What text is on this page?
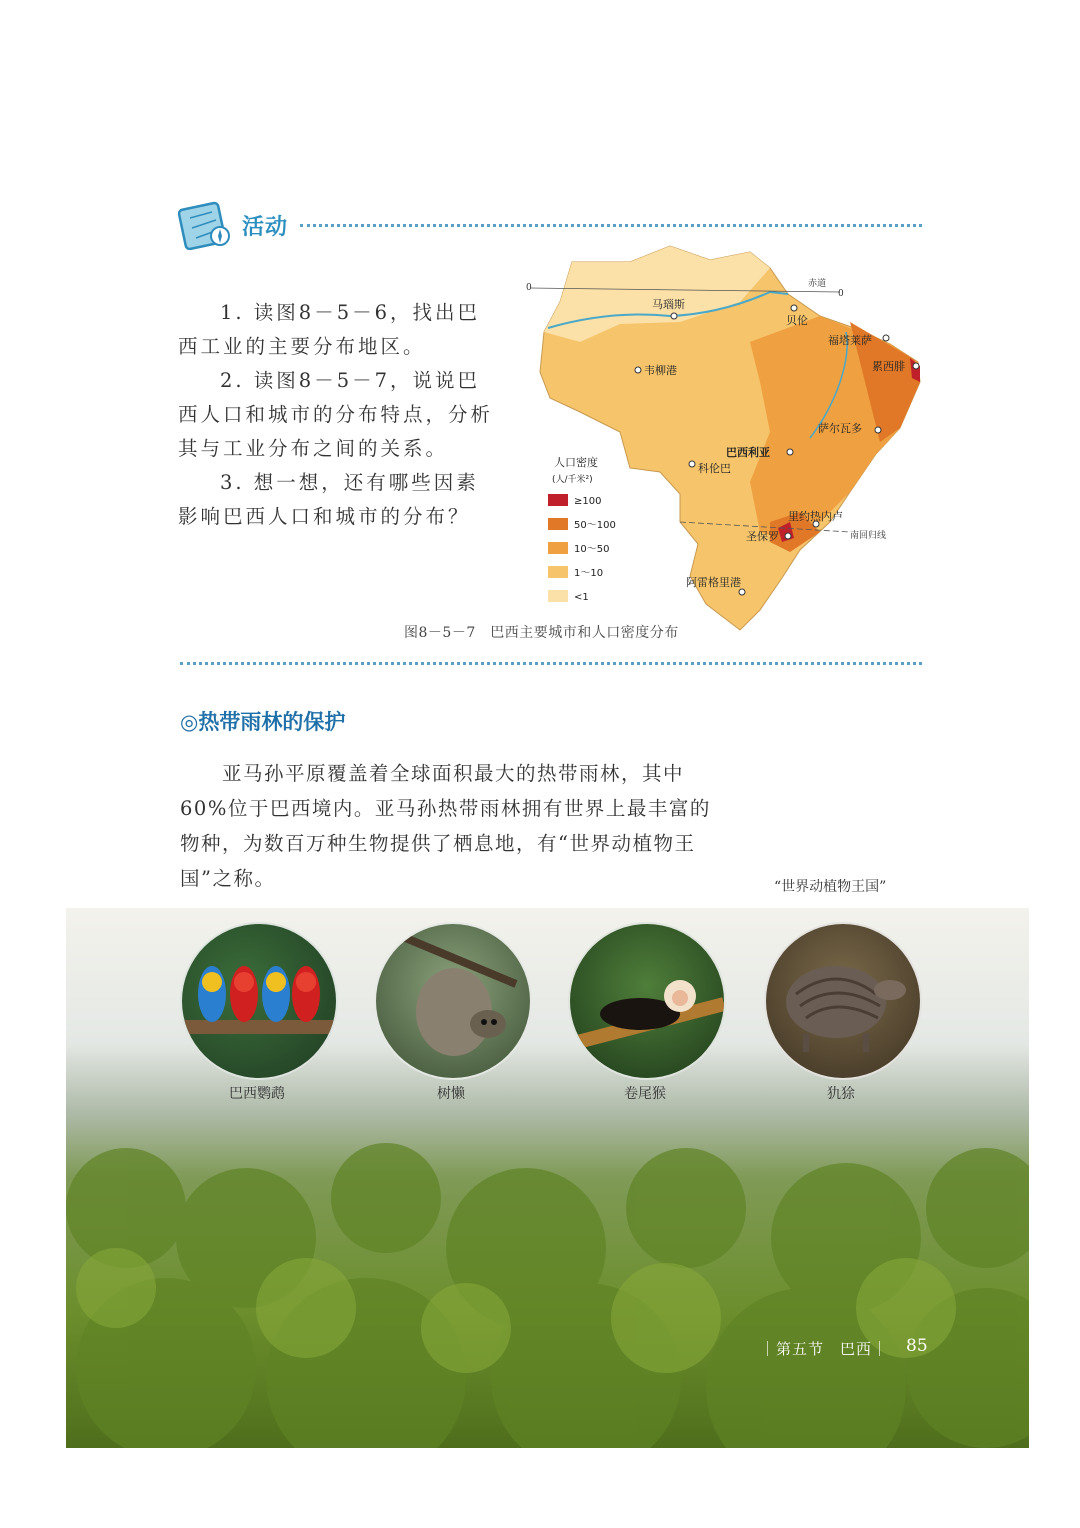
活动

1. 读图8－5－6，找出巴西工业的主要分布地区。

2. 读图8－5－7，说说巴西人口和城市的分布特点，分析其与工业分布之间的关系。

3. 想一想，还有哪些因素影响巴西人口和城市的分布？

0	赤道
0
南回归线
马瑙斯
贝伦
福塔莱萨
累西腓
韦柳港
萨尔瓦多
巴西利亚
科伦巴
里约热内卢
圣保罗
阿雷格里港
人口密度
(人/千米²)
≥100
50～100
10～50
1～10
<1
图8－5－7　巴西主要城市和人口密度分布
◎热带雨林的保护

亚马孙平原覆盖着全球面积最大的热带雨林，其中60%位于巴西境内。亚马孙热带雨林拥有世界上最丰富的物种，为数百万种生物提供了栖息地，有“世界动植物王国”之称。	“世界动植物王国”
巴西鹦鹉	树懒	卷尾猴	犰狳
｜第五节　巴西｜ 85
